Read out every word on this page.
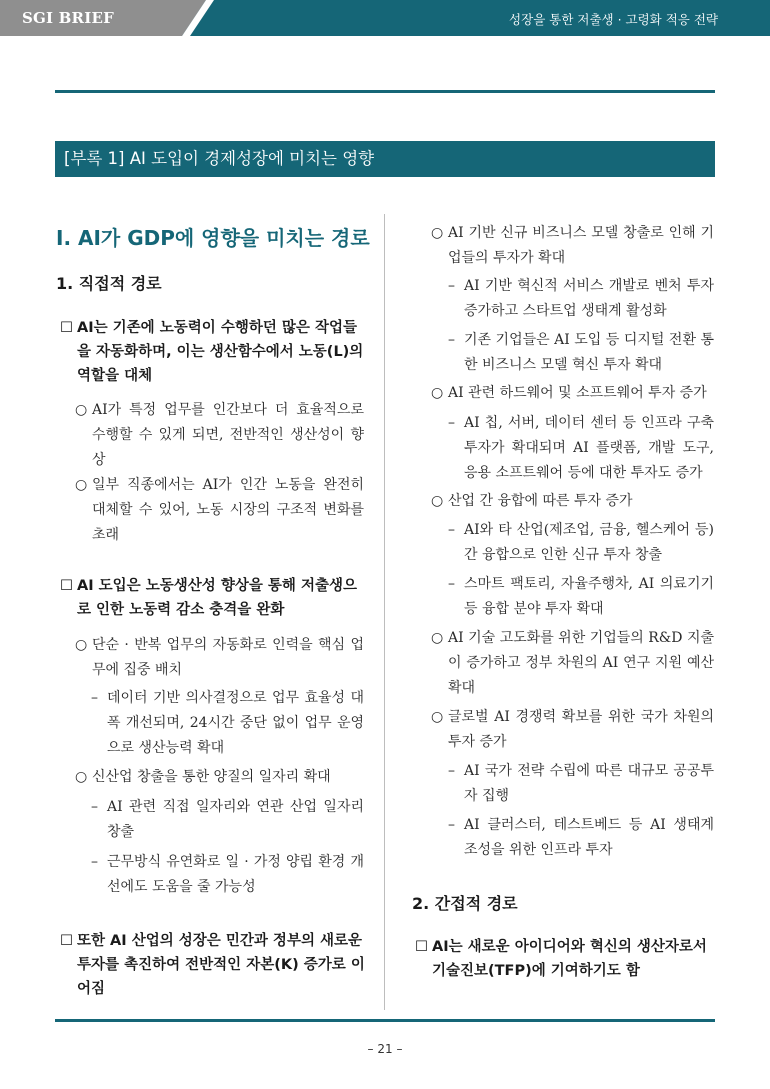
SGI BRIEF	성장을 통한 저출생 · 고령화 적응 전략
[부록 1] AI 도입이 경제성장에 미치는 영향
Ⅰ. AI가 GDP에 영향을 미치는 경로
1. 직접적 경로
☐ AI는 기존에 노동력이 수행하던 많은 작업들을 자동화하며, 이는 생산함수에서 노동(L)의 역할을 대체

○ AI가 특정 업무를 인간보다 더 효율적으로 수행할 수 있게 되면, 전반적인 생산성이 향상

○ 일부 직종에서는 AI가 인간 노동을 완전히 대체할 수 있어, 노동 시장의 구조적 변화를 초래

☐ AI 도입은 노동생산성 향상을 통해 저출생으로 인한 노동력 감소 충격을 완화

○ 단순 · 반복 업무의 자동화로 인력을 핵심 업무에 집중 배치

– 데이터 기반 의사결정으로 업무 효율성 대폭 개선되며, 24시간 중단 없이 업무 운영으로 생산능력 확대

○ 신산업 창출을 통한 양질의 일자리 확대

– AI 관련 직접 일자리와 연관 산업 일자리 창출

– 근무방식 유연화로 일 · 가정 양립 환경 개선에도 도움을 줄 가능성

☐ 또한 AI 산업의 성장은 민간과 정부의 새로운 투자를 촉진하여 전반적인 자본(K) 증가로 이어짐

○ AI 기반 신규 비즈니스 모델 창출로 인해 기업들의 투자가 확대

– AI 기반 혁신적 서비스 개발로 벤처 투자 증가하고 스타트업 생태계 활성화

– 기존 기업들은 AI 도입 등 디지털 전환 통한 비즈니스 모델 혁신 투자 확대

○ AI 관련 하드웨어 및 소프트웨어 투자 증가

– AI 칩, 서버, 데이터 센터 등 인프라 구축 투자가 확대되며 AI 플랫폼, 개발 도구, 응용 소프트웨어 등에 대한 투자도 증가

○ 산업 간 융합에 따른 투자 증가

– AI와 타 산업(제조업, 금융, 헬스케어 등) 간 융합으로 인한 신규 투자 창출

– 스마트 팩토리, 자율주행차, AI 의료기기 등 융합 분야 투자 확대

○ AI 기술 고도화를 위한 기업들의 R&D 지출이 증가하고 정부 차원의 AI 연구 지원 예산 확대

○ 글로벌 AI 경쟁력 확보를 위한 국가 차원의 투자 증가

– AI 국가 전략 수립에 따른 대규모 공공투자 집행

– AI 클러스터, 테스트베드 등 AI 생태계 조성을 위한 인프라 투자

2. 간접적 경로
☐ AI는 새로운 아이디어와 혁신의 생산자로서 기술진보(TFP)에 기여하기도 함

– 21 –
